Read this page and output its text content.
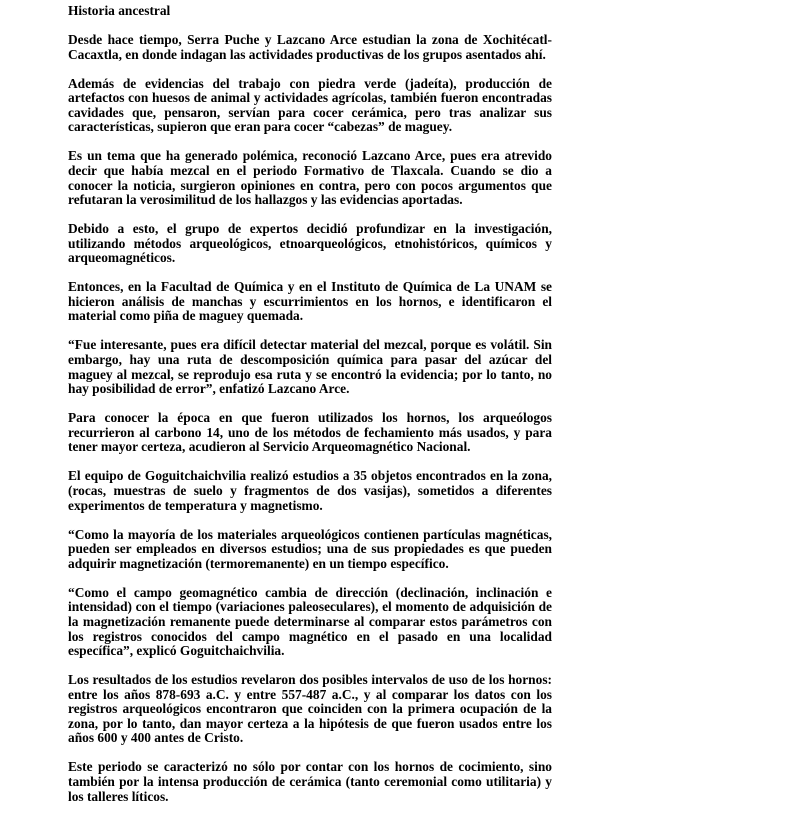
Historia ancestral

Desde hace tiempo, Serra Puche y Lazcano Arce estudian la zona de Xochitécatl-Cacaxtla, en donde indagan las actividades productivas de los grupos asentados ahí.

Además de evidencias del trabajo con piedra verde (jadeíta), producción de artefactos con huesos de animal y actividades agrícolas, también fueron encontradas cavidades que, pensaron, servían para cocer cerámica, pero tras analizar sus características, supieron que eran para cocer “cabezas” de maguey.

Es un tema que ha generado polémica, reconoció Lazcano Arce, pues era atrevido decir que había mezcal en el periodo Formativo de Tlaxcala. Cuando se dio a conocer la noticia, surgieron opiniones en contra, pero con pocos argumentos que refutaran la verosimilitud de los hallazgos y las evidencias aportadas.

Debido a esto, el grupo de expertos decidió profundizar en la investigación, utilizando métodos arqueológicos, etnoarqueológicos, etnohistóricos, químicos y arqueomagnéticos.

Entonces, en la Facultad de Química y en el Instituto de Química de La UNAM se hicieron análisis de manchas y escurrimientos en los hornos, e identificaron el material como piña de maguey quemada.

“Fue interesante, pues era difícil detectar material del mezcal, porque es volátil. Sin embargo, hay una ruta de descomposición química para pasar del azúcar del maguey al mezcal, se reprodujo esa ruta y se encontró la evidencia; por lo tanto, no hay posibilidad de error”, enfatizó Lazcano Arce.

Para conocer la época en que fueron utilizados los hornos, los arqueólogos recurrieron al carbono 14, uno de los métodos de fechamiento más usados, y para tener mayor certeza, acudieron al Servicio Arqueomagnético Nacional.

El equipo de Goguitchaichvilia realizó estudios a 35 objetos encontrados en la zona, (rocas, muestras de suelo y fragmentos de dos vasijas), sometidos a diferentes experimentos de temperatura y magnetismo.

“Como la mayoría de los materiales arqueológicos contienen partículas magnéticas, pueden ser empleados en diversos estudios; una de sus propiedades es que pueden adquirir magnetización (termoremanente) en un tiempo específico.

“Como el campo geomagnético cambia de dirección (declinación, inclinación e intensidad) con el tiempo (variaciones paleoseculares), el momento de adquisición de la magnetización remanente puede determinarse al comparar estos parámetros con los registros conocidos del campo magnético en el pasado en una localidad específica”, explicó Goguitchaichvilia.

Los resultados de los estudios revelaron dos posibles intervalos de uso de los hornos: entre los años 878-693 a.C. y entre 557-487 a.C., y al comparar los datos con los registros arqueológicos encontraron que coinciden con la primera ocupación de la zona, por lo tanto, dan mayor certeza a la hipótesis de que fueron usados entre los años 600 y 400 antes de Cristo.

Este periodo se caracterizó no sólo por contar con los hornos de cocimiento, sino también por la intensa producción de cerámica (tanto ceremonial como utilitaria) y los talleres líticos.
